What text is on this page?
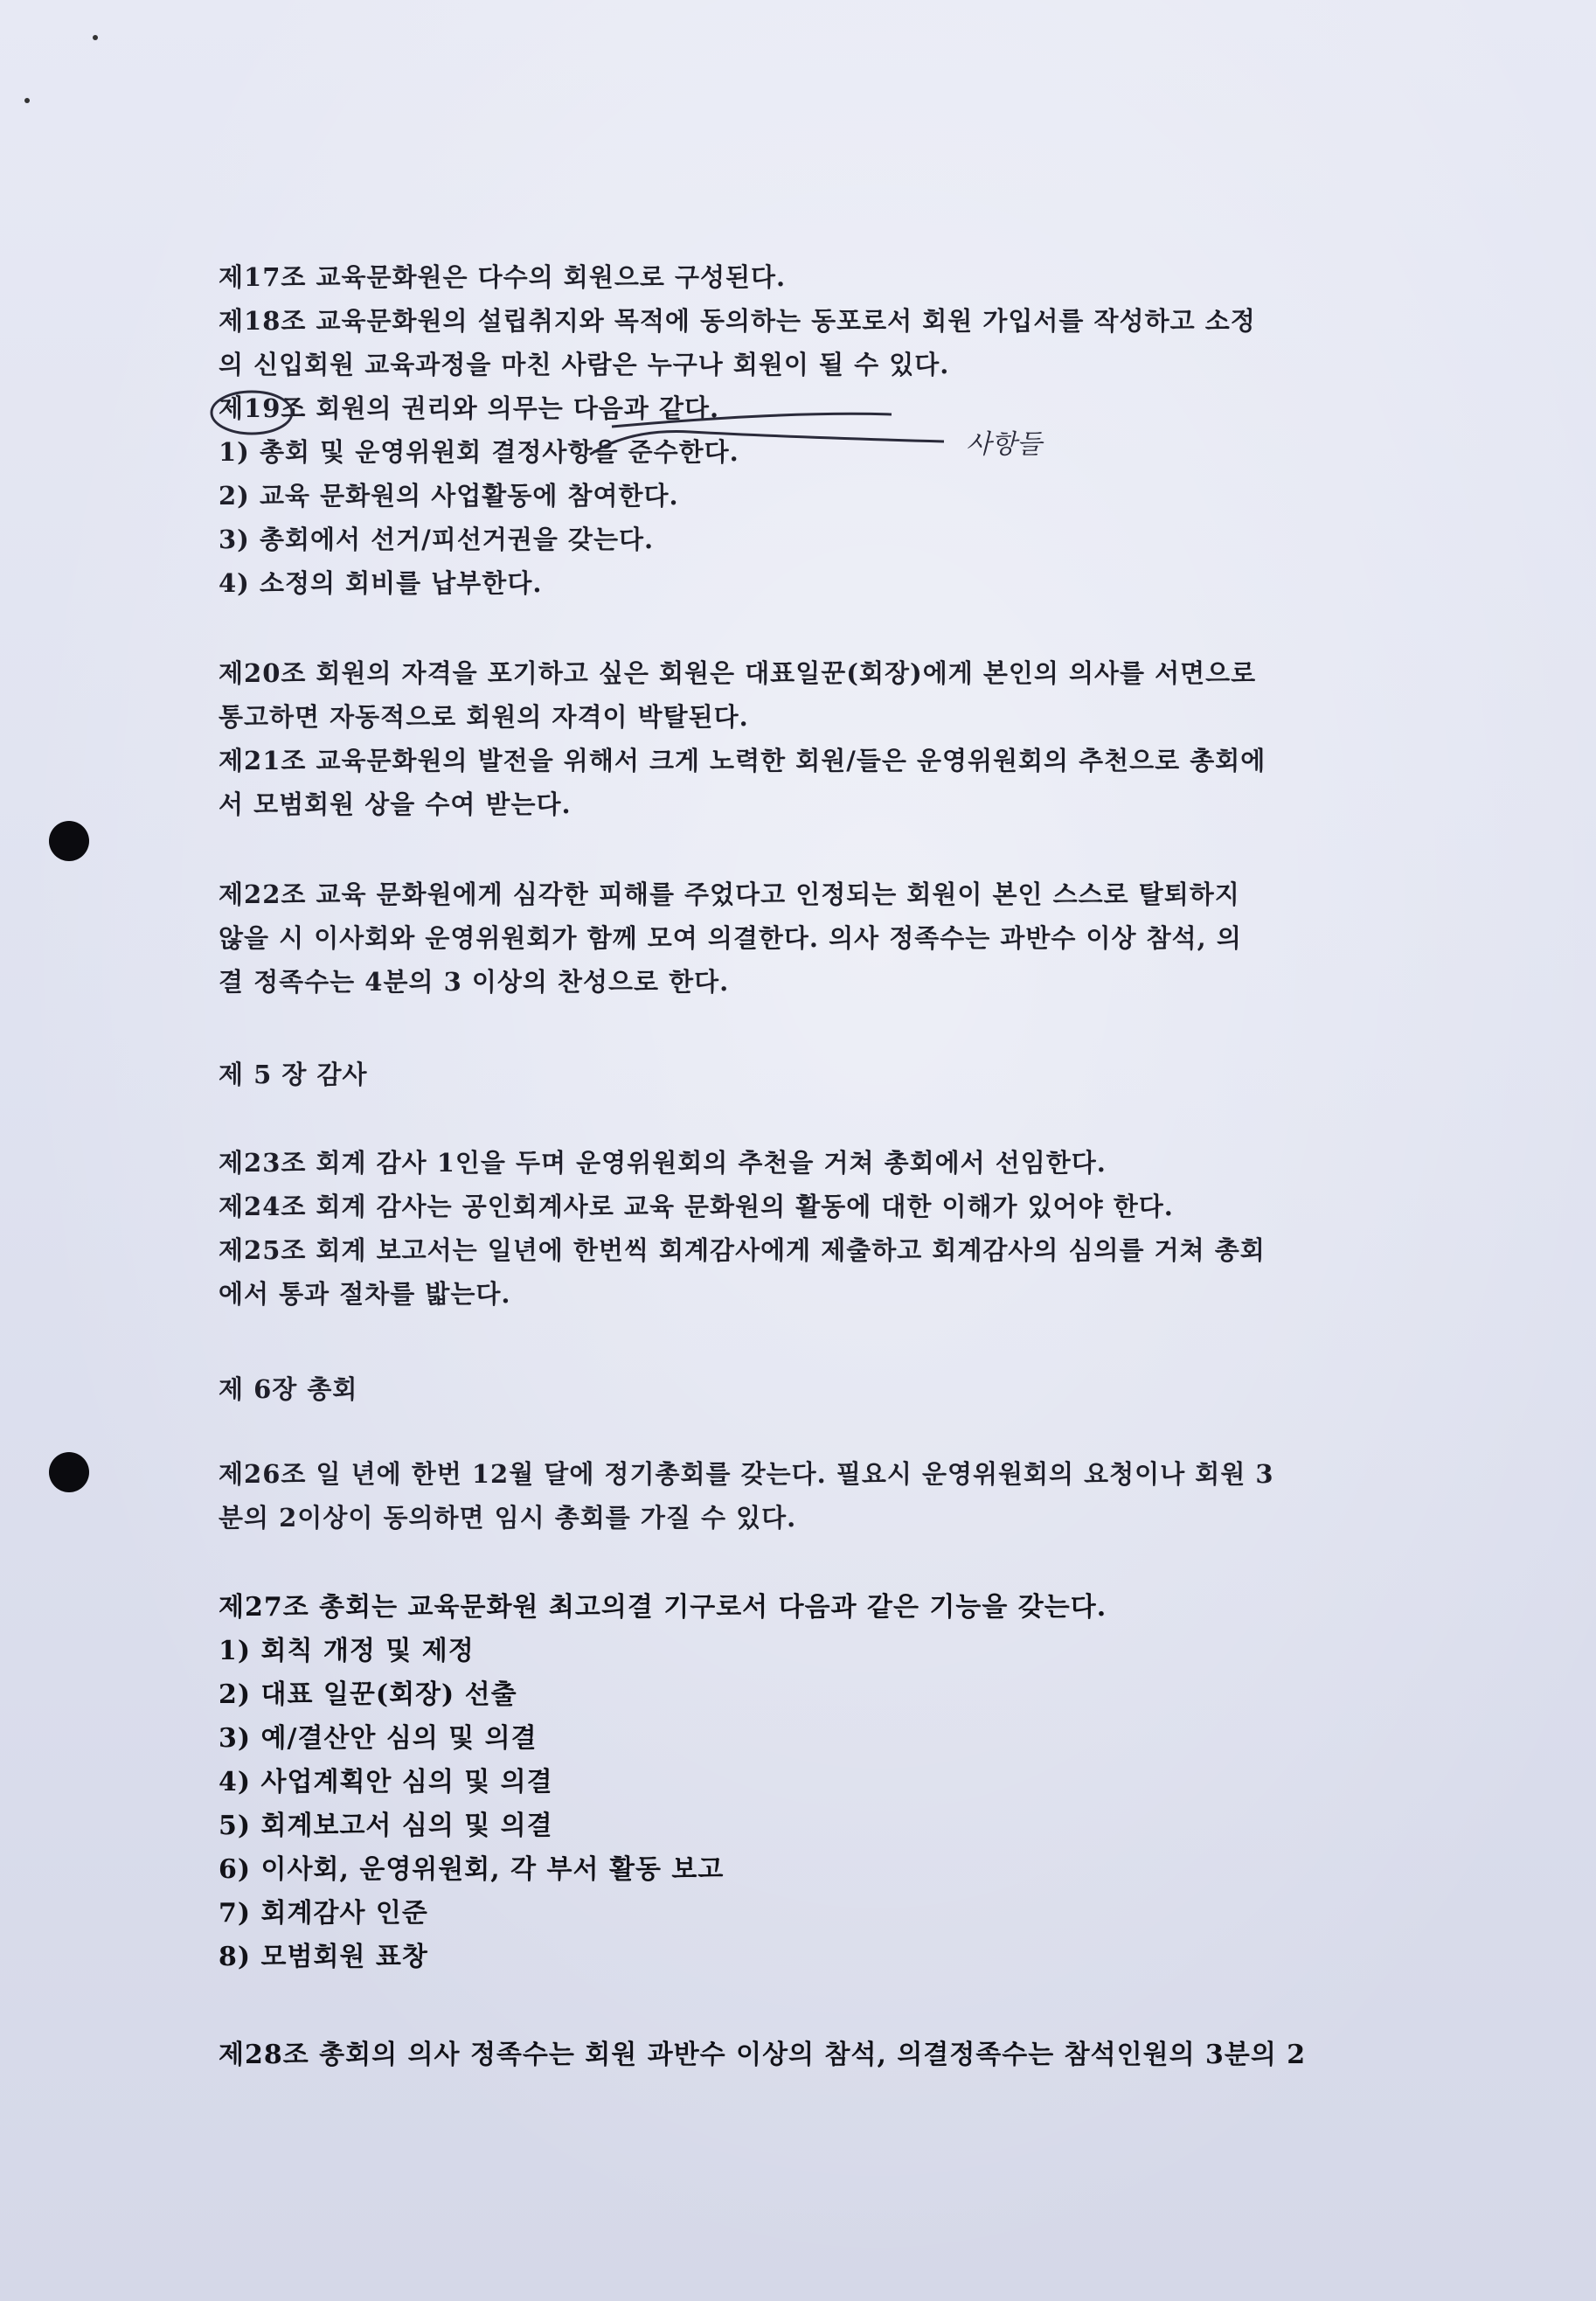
제17조 교육문화원은 다수의 회원으로 구성된다.
제18조 교육문화원의 설립취지와 목적에 동의하는 동포로서 회원 가입서를 작성하고 소정
의 신입회원 교육과정을 마친 사람은 누구나 회원이 될 수 있다.
제19조 회원의 권리와 의무는 다음과 같다.
1) 총회 및 운영위원회 결정사항을 준수한다.
2) 교육 문화원의 사업활동에 참여한다.
3) 총회에서 선거/피선거권을 갖는다.
4) 소정의 회비를 납부한다.
제20조 회원의 자격을 포기하고 싶은 회원은 대표일꾼(회장)에게 본인의 의사를 서면으로
통고하면 자동적으로 회원의 자격이 박탈된다.
제21조 교육문화원의 발전을 위해서 크게 노력한 회원/들은 운영위원회의 추천으로 총회에
서 모범회원 상을 수여 받는다.
제22조 교육 문화원에게 심각한 피해를 주었다고 인정되는 회원이 본인 스스로 탈퇴하지
않을 시 이사회와 운영위원회가 함께 모여 의결한다. 의사 정족수는 과반수 이상 참석, 의
결 정족수는 4분의 3 이상의 찬성으로 한다.
제 5 장 감사
제23조 회계 감사 1인을 두며 운영위원회의 추천을 거쳐 총회에서 선임한다.
제24조 회계 감사는 공인회계사로 교육 문화원의 활동에 대한 이해가 있어야 한다.
제25조 회계 보고서는 일년에 한번씩 회계감사에게 제출하고 회계감사의 심의를 거쳐 총회
에서 통과 절차를 밟는다.
제 6장 총회
제26조 일 년에 한번 12월 달에 정기총회를 갖는다. 필요시 운영위원회의 요청이나 회원 3
분의 2이상이 동의하면 임시 총회를 가질 수 있다.
제27조 총회는 교육문화원 최고의결 기구로서 다음과 같은 기능을 갖는다.
1) 회칙 개정 및 제정
2) 대표 일꾼(회장) 선출
3) 예/결산안 심의 및 의결
4) 사업계획안 심의 및 의결
5) 회계보고서 심의 및 의결
6) 이사회, 운영위원회, 각 부서 활동 보고
7) 회계감사 인준
8) 모범회원 표창
제28조 총회의 의사 정족수는 회원 과반수 이상의 참석, 의결정족수는 참석인원의 3분의 2
사항들
